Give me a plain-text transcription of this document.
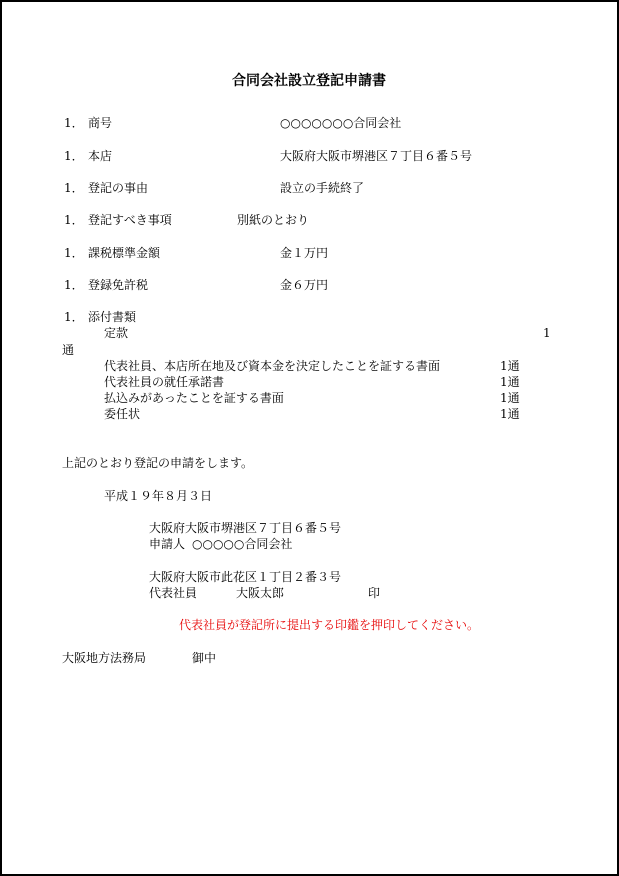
合同会社設立登記申請書
1． 商号	○○○○○○○合同会社
1． 本店	大阪府大阪市堺港区７丁目６番５号
1． 登記の事由	設立の手続終了
1． 登記すべき事項	別紙のとおり
1． 課税標準金額	金１万円
1． 登録免許税	金６万円
1． 添付書類
定款	1
通
代表社員、本店所在地及び資本金を決定したことを証する書面	1通
代表社員の就任承諾書	1通
払込みがあったことを証する書面	1通
委任状	1通
上記のとおり登記の申請をします。
平成１９年８月３日
大阪府大阪市堺港区７丁目６番５号
申請人 ○○○○○合同会社
大阪府大阪市此花区１丁目２番３号
代表社員	大阪太郎	印
代表社員が登記所に提出する印鑑を押印してください。
大阪地方法務局	御中
